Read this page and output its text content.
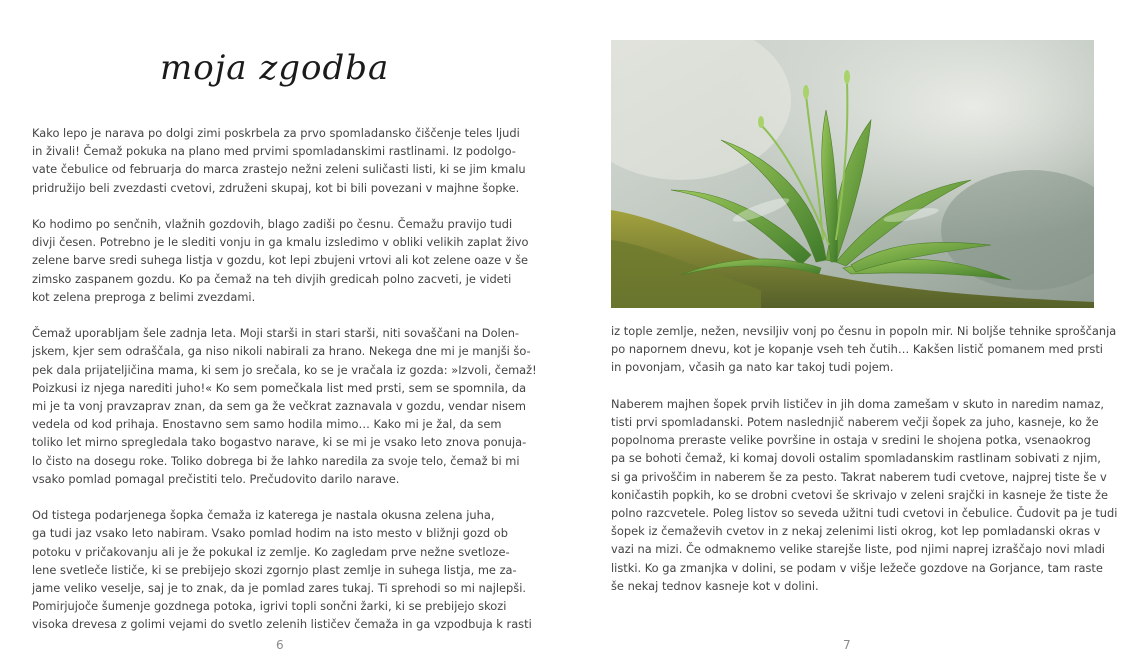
moja zgodba

Kako lepo je narava po dolgi zimi poskrbela za prvo spomladansko čiščenje teles ljudi
in živali! Čemaž pokuka na plano med prvimi spomladanskimi rastlinami. Iz podolgo-
vate čebulice od februarja do marca zrastejo nežni zeleni suličasti listi, ki se jim kmalu
pridružijo beli zvezdasti cvetovi, združeni skupaj, kot bi bili povezani v majhne šopke.

Ko hodimo po senčnih, vlažnih gozdovih, blago zadiši po česnu. Čemažu pravijo tudi
divji česen. Potrebno je le slediti vonju in ga kmalu izsledimo v obliki velikih zaplat živo
zelene barve sredi suhega listja v gozdu, kot lepi zbujeni vrtovi ali kot zelene oaze v še
zimsko zaspanem gozdu. Ko pa čemaž na teh divjih gredicah polno zacveti, je videti
kot zelena preproga z belimi zvezdami.

Čemaž uporabljam šele zadnja leta. Moji starši in stari starši, niti sovaščani na Dolen-
jskem, kjer sem odraščala, ga niso nikoli nabirali za hrano. Nekega dne mi je manjši šo-
pek dala prijateljičina mama, ki sem jo srečala, ko se je vračala iz gozda: »Izvoli, čemaž!
Poizkusi iz njega narediti juho!« Ko sem pomečkala list med prsti, sem se spomnila, da
mi je ta vonj pravzaprav znan, da sem ga že večkrat zaznavala v gozdu, vendar nisem
vedela od kod prihaja. Enostavno sem samo hodila mimo… Kako mi je žal, da sem
toliko let mirno spregledala tako bogastvo narave, ki se mi je vsako leto znova ponuja-
lo čisto na dosegu roke. Toliko dobrega bi že lahko naredila za svoje telo, čemaž bi mi
vsako pomlad pomagal prečistiti telo. Prečudovito darilo narave.

Od tistega podarjenega šopka čemaža iz katerega je nastala okusna zelena juha,
ga tudi jaz vsako leto nabiram. Vsako pomlad hodim na isto mesto v bližnji gozd ob
potoku v pričakovanju ali je že pokukal iz zemlje. Ko zagledam prve nežne svetloze-
lene svetleče lističe, ki se prebijejo skozi zgornjo plast zemlje in suhega listja, me za-
jame veliko veselje, saj je to znak, da je pomlad zares tukaj. Ti sprehodi so mi najlepši.
Pomirjujoče šumenje gozdnega potoka, igrivi topli sončni žarki, ki se prebijejo skozi
visoka drevesa z golimi vejami do svetlo zelenih lističev čemaža in ga vzpodbuja k rasti

6

iz tople zemlje, nežen, nevsiljiv vonj po česnu in popoln mir. Ni boljše tehnike sproščanja
po napornem dnevu, kot je kopanje vseh teh čutih… Kakšen listič pomanem med prsti
in povonjam, včasih ga nato kar takoj tudi pojem.

Naberem majhen šopek prvih lističev in jih doma zamešam v skuto in naredim namaz,
tisti prvi spomladanski. Potem naslednjič naberem večji šopek za juho, kasneje, ko že
popolnoma preraste velike površine in ostaja v sredini le shojena potka, vsenaokrog
pa se bohoti čemaž, ki komaj dovoli ostalim spomladanskim rastlinam sobivati z njim,
si ga privoščim in naberem še za pesto. Takrat naberem tudi cvetove, najprej tiste še v
koničastih popkih, ko se drobni cvetovi še skrivajo v zeleni srajčki in kasneje že tiste že
polno razcvetele. Poleg listov so seveda užitni tudi cvetovi in čebulice. Čudovit pa je tudi
šopek iz čemaževih cvetov in z nekaj zelenimi listi okrog, kot lep pomladanski okras v
vazi na mizi. Če odmaknemo velike starejše liste, pod njimi naprej izraščajo novi mladi
listki. Ko ga zmanjka v dolini, se podam v višje ležeče gozdove na Gorjance, tam raste
še nekaj tednov kasneje kot v dolini.

7
